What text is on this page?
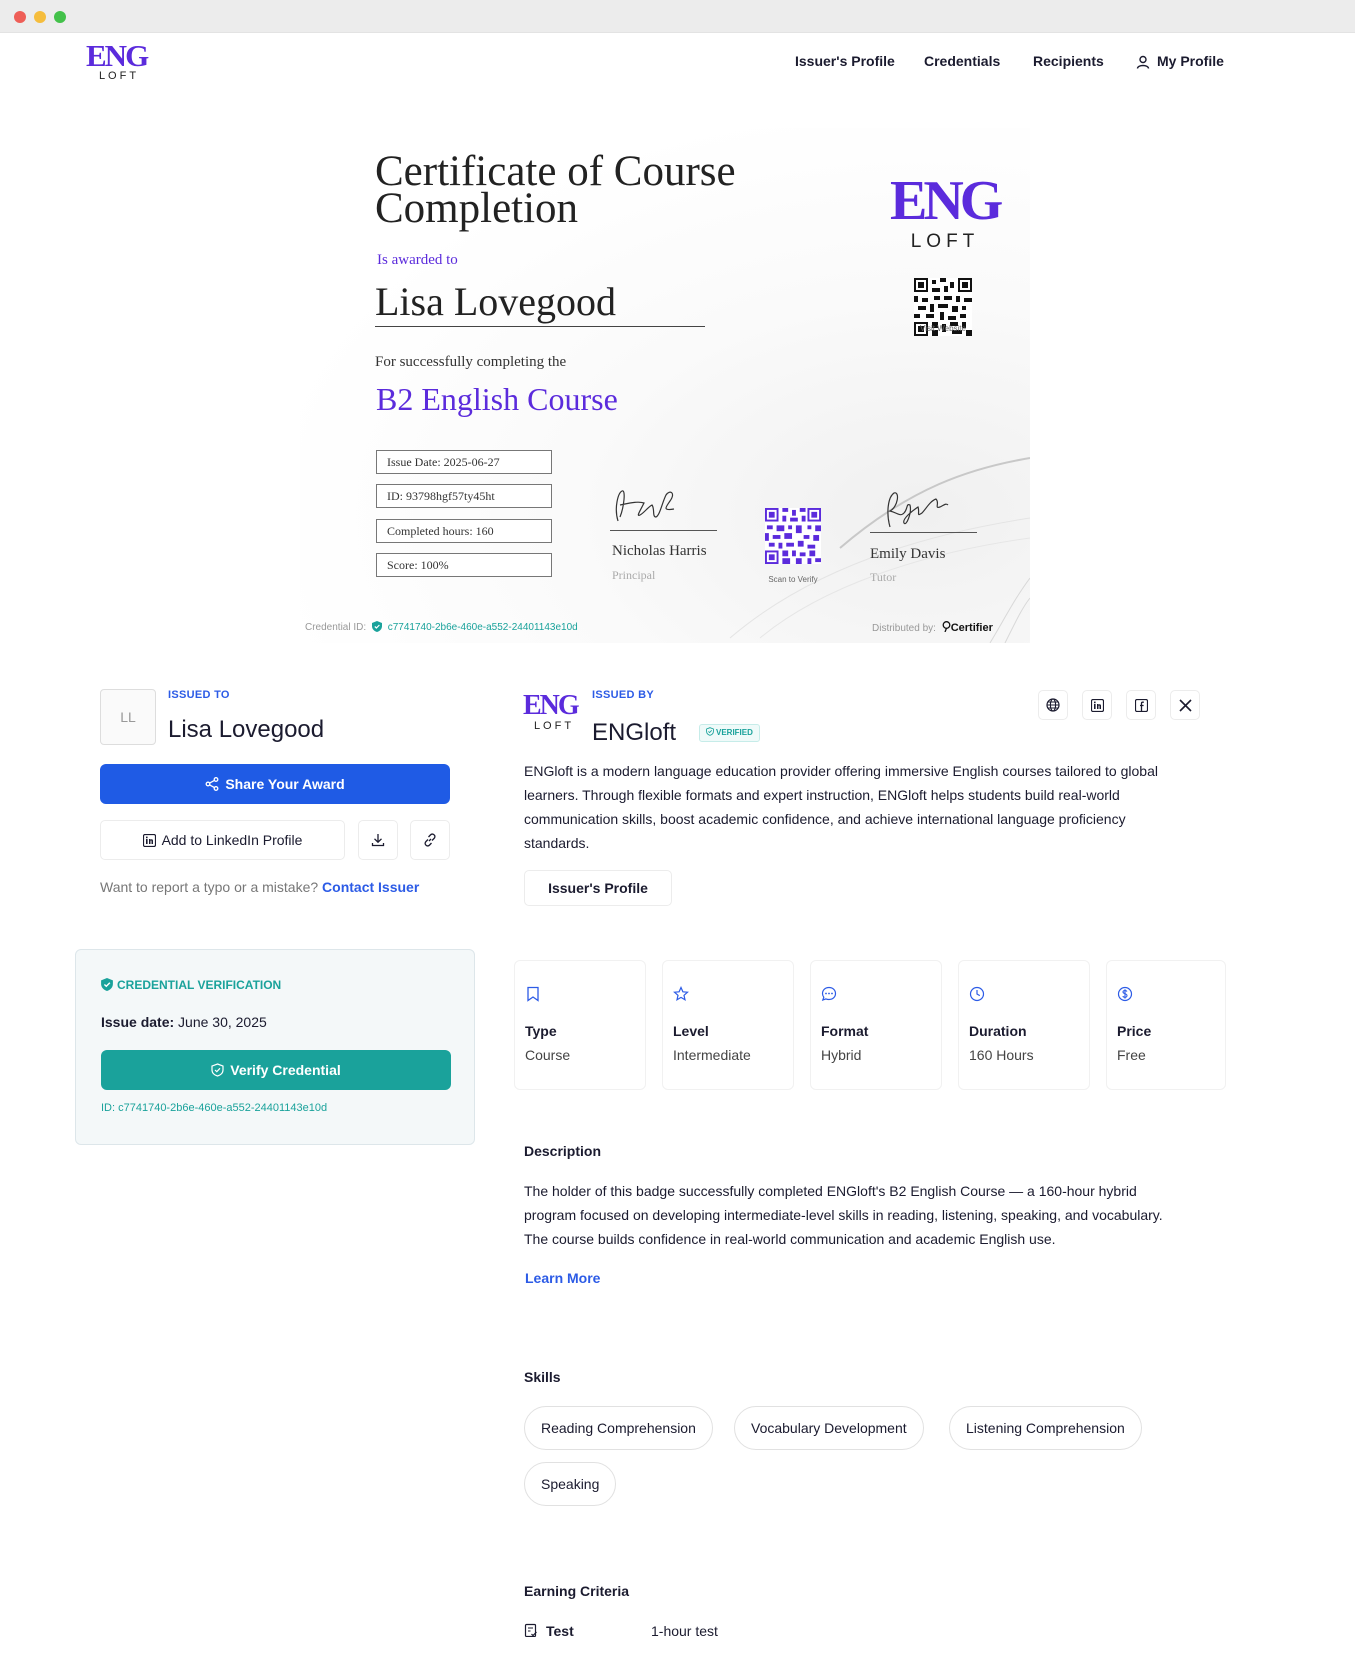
ENG
LOFT
Issuer's Profile Credentials Recipients	My Profile
Certificate of Course Completion
Is awarded to
Lisa Lovegood
For successfully completing the
B2 English Course
Issue Date: 2025-06-27
ID: 93798hgf57ty45ht
Completed hours: 160
Score: 100%
ENG
LOFT
Visit Website
Nicholas Harris
Principal	Scan to Verify
Emily Davis
Tutor
Credential ID: c7741740-2b6e-460e-a552-24401143e10d	Distributed by: Certifier
LL
ISSUED TO
Lisa Lovegood
Share Your Award
Add to LinkedIn Profile
Want to report a typo or a mistake? Contact Issuer
CREDENTIAL VERIFICATION
Issue date: June 30, 2025
Verify Credential
ID: c7741740-2b6e-460e-a552-24401143e10d
ENG
LOFT
ISSUED BY
ENGloft	VERIFIED
ENGloft is a modern language education provider offering immersive English courses tailored to global learners. Through flexible formats and expert instruction, ENGloft helps students build real-world communication skills, boost academic confidence, and achieve international language proficiency standards.
Issuer's Profile
Type
Course
Level
Intermediate
Format
Hybrid
Duration
160 Hours
Price
Free
Description
The holder of this badge successfully completed ENGloft's B2 English Course — a 160-hour hybrid program focused on developing intermediate-level skills in reading, listening, speaking, and vocabulary. The course builds confidence in real-world communication and academic English use.
Learn More
Skills
Reading Comprehension	Vocabulary Development	Listening Comprehension
Speaking
Earning Criteria
Test	1-hour test
